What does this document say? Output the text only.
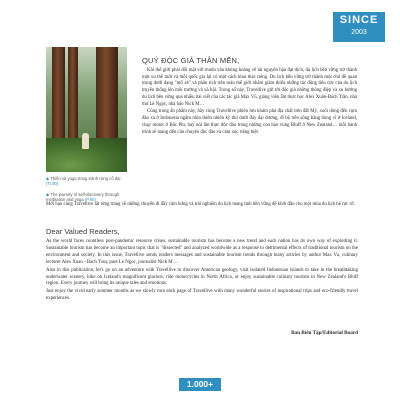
SINCE
2003
◆ Thiền và yoga trong tránh rừng cổ đại (Tr.90)
◆ The journey of self-discovery through meditation and yoga (P.90)
QUÝ ĐỘC GIẢ THÂN MẾN,

Khi thế giới phải đối mặt với muôn vàn khủng hoảng về tài nguyên hậu đại dịch, du lịch bền vững trở thành một xu thế mới và mỗi quốc gia lại có một cách khai thác riêng. Du lịch bền vững trở thành một chủ đề quan trọng dưới dạng "mổ xẻ" và phân tích trên toàn thế giới nhằm giảm thiểu những tác động tiêu cực của du lịch truyền thống lên môi trường và xã hội. Trong số này, Travellive gửi tới độc giả những thông điệp và xu hướng du lịch bền vững qua nhiều bài viết của các tác giả Max Vũ, giảng viên ẩm thực học Alex Xuân-Bách Trần, nhà thơ Lê Ngọc, nhà báo Nick M…

Cũng trong ấn phẩm này, hãy cùng Travellive phiêu lưu khám phá địa chất trên đất Mỹ, xuôi dòng đến cụm đảo xa ở Indonesia ngắm nhìn thiên nhiên kỳ thú dưới đáy đại dương, đi bộ trên sông băng hùng vĩ ở Iceland, chạy motor ở Bắc Phi, hay nói ấm thực độc đáo trong những con hào vùng Bluff ở New Zealand… mỗi hành trình sẽ mang đến câu chuyện độc đáo và cảm xúc riêng biệt.

Mời bạn cùng Travellive lật từng trang về những chuyến đi đầy cảm hứng và trải nghiệm du lịch mang tính bền vững để khởi đầu cho một mùa du lịch hè rực rỡ.

Dear Valued Readers,

As the world faces countless post-pandemic resource crises, sustainable tourism has become a new trend and each nation has its own way of exploiting it. Sustainable tourism has become an important topic that is "dissected" and analyzed worldwide as a response to detrimental effects of traditional tourism on the environment and society. In this issue, Travellive sends readers messages and sustainable tourism trends through many articles by author Max Vu, culinary lecturer Alex Xuan - Bach Tran, poet Le Ngoc, journalist Nick M…

Also in this publication, let's go on an adventure with Travellive to discover American geology, visit isolated Indonesian islands to take in the breathtaking underwater scenery, hike on Iceland's magnificent glaciers, ride motorcycles in North Africa, or enjoy sustainable culinary tourism in New Zealand's Bluff region. Every journey will bring its unique tales and emotions.

Just enjoy the vivid early summer months as we slowly turn each page of Travellive with many wonderful stories of inspirational trips and eco-friendly travel experiences.

Ban Biên Tập/Editorial Board
1.000+
